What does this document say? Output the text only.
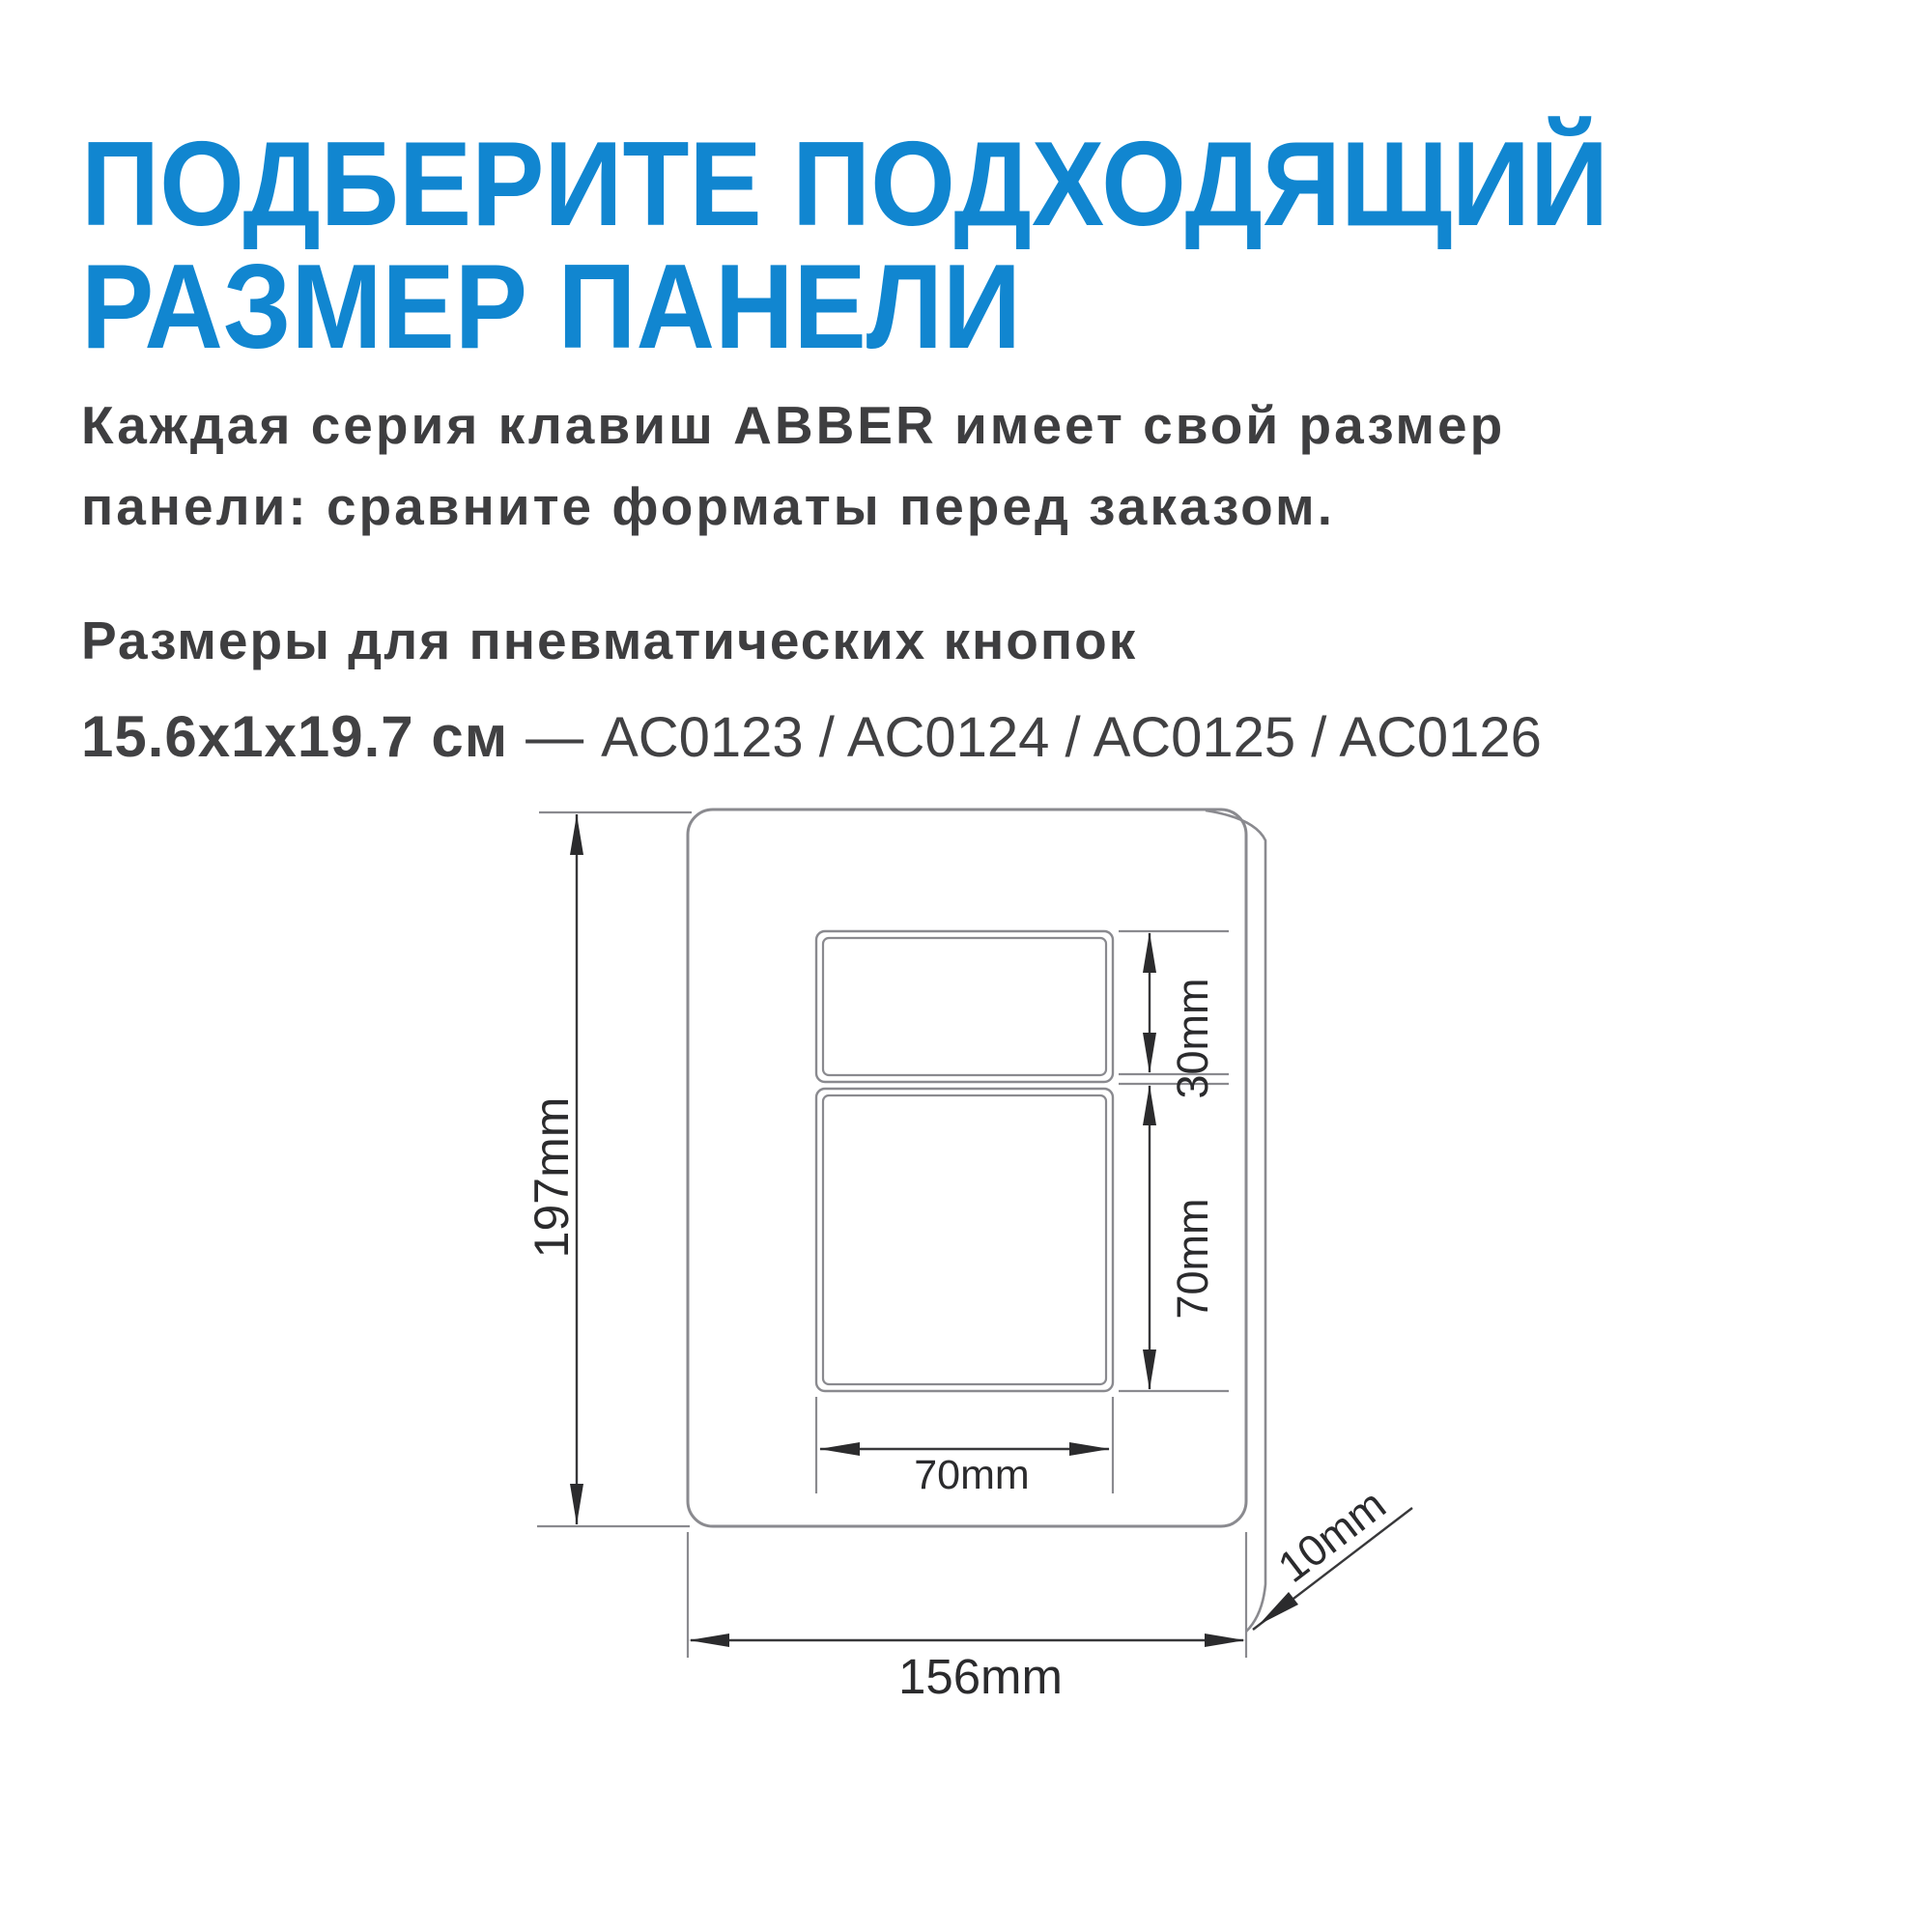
ПОДБЕРИТЕ ПОДХОДЯЩИЙ
РАЗМЕР ПАНЕЛИ
Каждая серия клавиш ABBER имеет свой размер
панели: сравните форматы перед заказом.
Размеры для пневматических кнопок
15.6х1х19.7 см — AC0123 / AC0124 / AC0125 / AC0126
197mm
30mm
70mm
70mm
156mm
10mm
